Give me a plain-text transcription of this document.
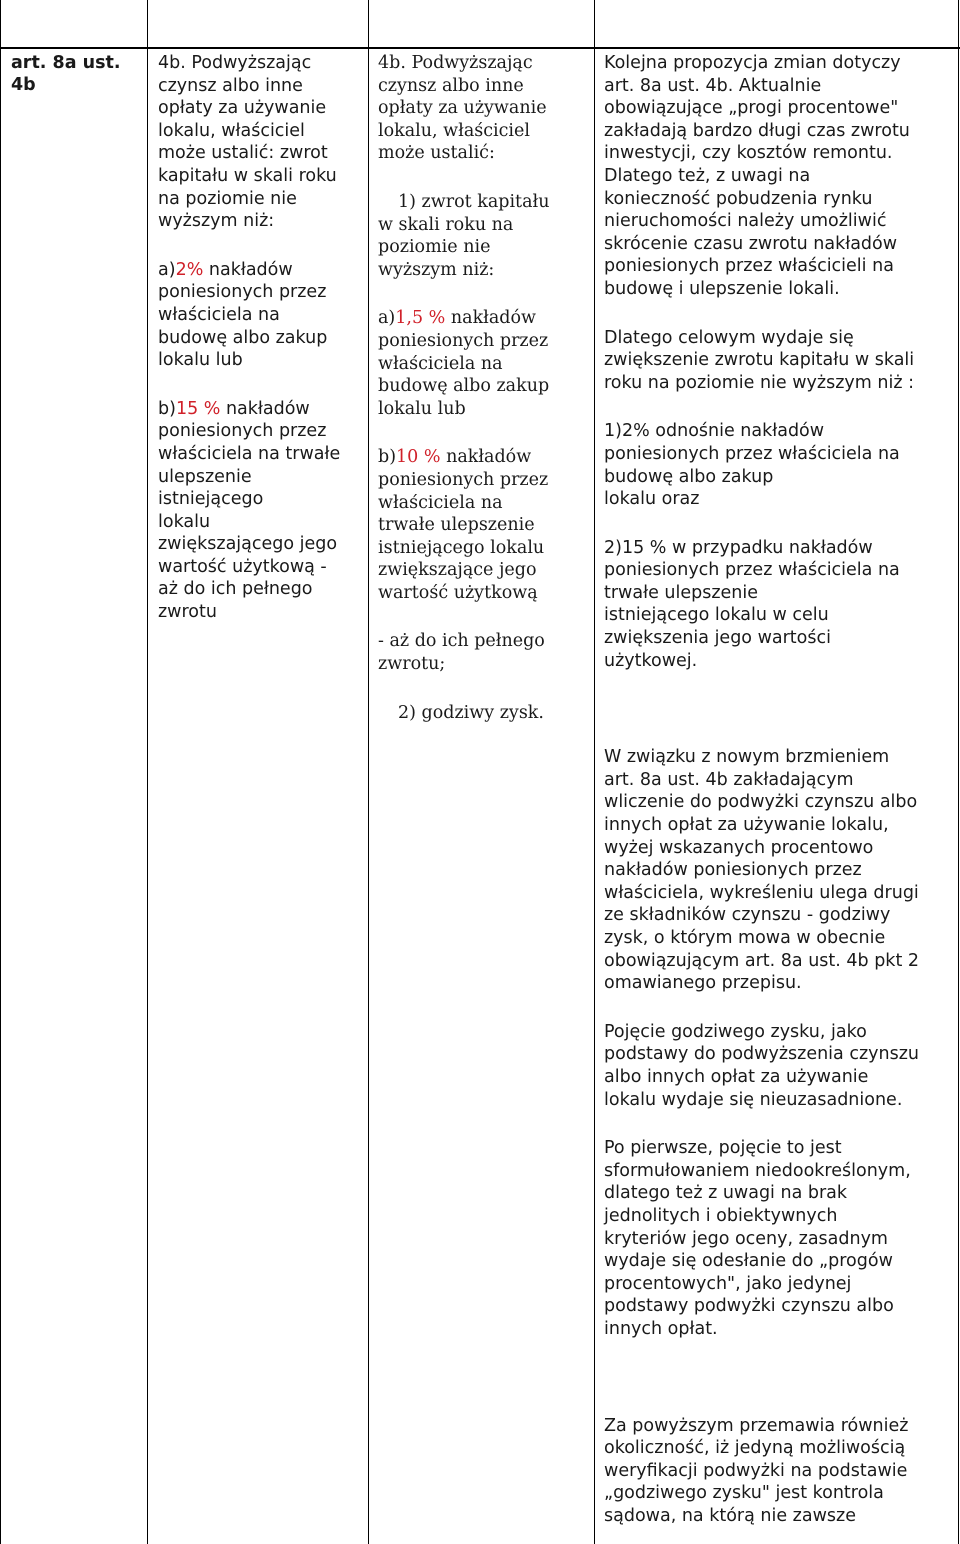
art. 8a ust.

4b

4b. Podwyższając

czynsz albo inne

opłaty za używanie

lokalu, właściciel

może ustalić: zwrot

kapitału w skali roku

na poziomie nie

wyższym niż:

a)2% nakładów

poniesionych przez

właściciela na

budowę albo zakup

lokalu lub

b)15 % nakładów

poniesionych przez

właściciela na trwałe

ulepszenie

istniejącego

lokalu

zwiększającego jego

wartość użytkową -

aż do ich pełnego

zwrotu

4b. Podwyższając

czynsz albo inne

opłaty za używanie

lokalu, właściciel

może ustalić:

1) zwrot kapitału

w skali roku na

poziomie nie

wyższym niż:

a)1,5 % nakładów

poniesionych przez

właściciela na

budowę albo zakup

lokalu lub

b)10 % nakładów

poniesionych przez

właściciela na

trwałe ulepszenie

istniejącego lokalu

zwiększające jego

wartość użytkową

- aż do ich pełnego

zwrotu;

2) godziwy zysk.

Kolejna propozycja zmian dotyczy

art. 8a ust. 4b. Aktualnie

obowiązujące „progi procentowe"

zakładają bardzo długi czas zwrotu

inwestycji, czy kosztów remontu.

Dlatego też, z uwagi na

konieczność pobudzenia rynku

nieruchomości należy umożliwić

skrócenie czasu zwrotu nakładów

poniesionych przez właścicieli na

budowę i ulepszenie lokali.

Dlatego celowym wydaje się

zwiększenie zwrotu kapitału w skali

roku na poziomie nie wyższym niż :

1)2% odnośnie nakładów

poniesionych przez właściciela na

budowę albo zakup

lokalu oraz

2)15 % w przypadku nakładów

poniesionych przez właściciela na

trwałe ulepszenie

istniejącego lokalu w celu

zwiększenia jego wartości

użytkowej.

W związku z nowym brzmieniem

art. 8a ust. 4b zakładającym

wliczenie do podwyżki czynszu albo

innych opłat za używanie lokalu,

wyżej wskazanych procentowo

nakładów poniesionych przez

właściciela, wykreśleniu ulega drugi

ze składników czynszu - godziwy

zysk, o którym mowa w obecnie

obowiązującym art. 8a ust. 4b pkt 2

omawianego przepisu.

Pojęcie godziwego zysku, jako

podstawy do podwyższenia czynszu

albo innych opłat za używanie

lokalu wydaje się nieuzasadnione.

Po pierwsze, pojęcie to jest

sformułowaniem niedookreślonym,

dlatego też z uwagi na brak

jednolitych i obiektywnych

kryteriów jego oceny, zasadnym

wydaje się odesłanie do „progów

procentowych", jako jedynej

podstawy podwyżki czynszu albo

innych opłat.

Za powyższym przemawia również

okoliczność, iż jedyną możliwością

weryfikacji podwyżki na podstawie

„godziwego zysku" jest kontrola

sądowa, na którą nie zawsze
